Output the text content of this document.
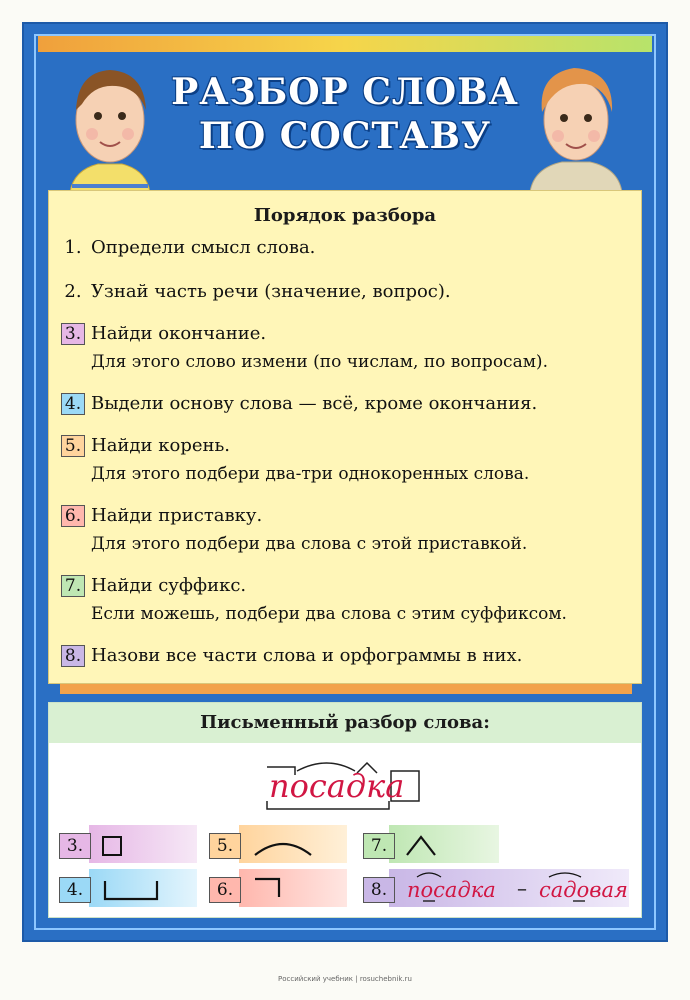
РАЗБОР СЛОВА
ПО СОСТАВУ
Порядок разбора
1. Определи смысл слова.
2. Узнай часть речи (значение, вопрос).
3. Найди окончание.
Для этого слово измени (по числам, по вопросам).
4. Выдели основу слова — всё, кроме окончания.
5. Найди корень.
Для этого подбери два-три однокоренных слова.
6. Найди приставку.
Для этого подбери два слова с этой приставкой.
7. Найди суффикс.
Если можешь, подбери два слова с этим суффиксом.
8. Назови все части слова и орфограммы в них.
Письменный разбор слова:
посадка
3.	5.	7.
4.	6.	8. посадка – садовая
Российский учебник | rosuchebnik.ru
